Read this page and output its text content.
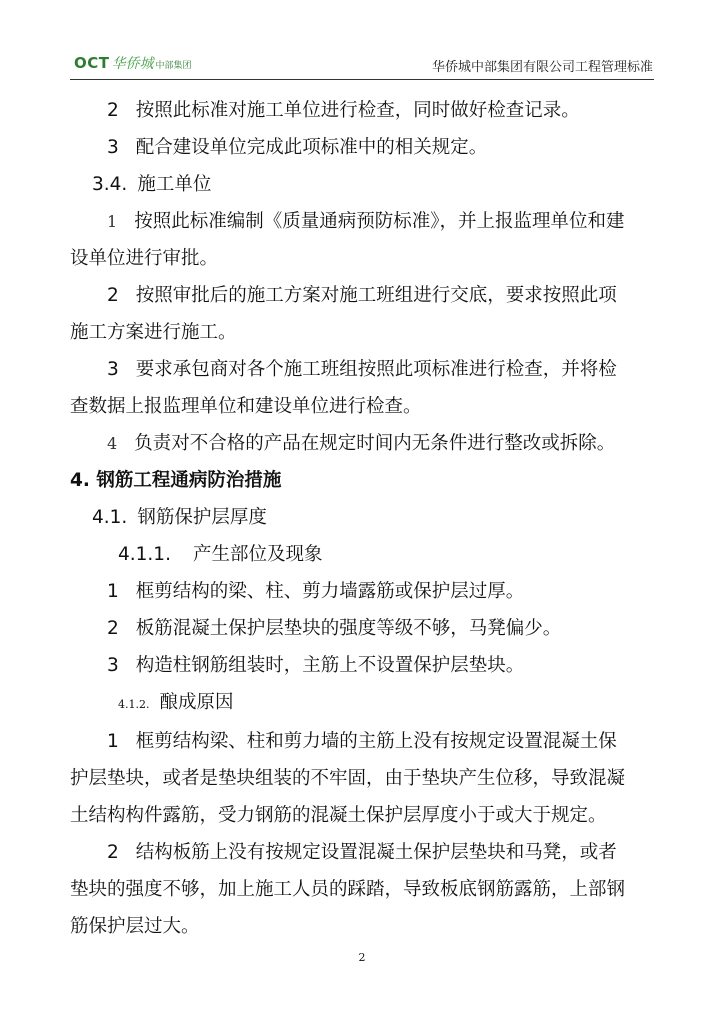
OCT 华侨城 中部集团	华侨城中部集团有限公司工程管理标准
2 按照此标准对施工单位进行检查，同时做好检查记录。
3 配合建设单位完成此项标准中的相关规定。
3.4. 施工单位
1 按照此标准编制《质量通病预防标准》，并上报监理单位和建
设单位进行审批。
2 按照审批后的施工方案对施工班组进行交底，要求按照此项
施工方案进行施工。
3 要求承包商对各个施工班组按照此项标准进行检查，并将检
查数据上报监理单位和建设单位进行检查。
4 负责对不合格的产品在规定时间内无条件进行整改或拆除。
4. 钢筋工程通病防治措施
4.1. 钢筋保护层厚度
4.1.1. 产生部位及现象
1 框剪结构的梁、柱、剪力墙露筋或保护层过厚。
2 板筋混凝土保护层垫块的强度等级不够，马凳偏少。
3 构造柱钢筋组装时，主筋上不设置保护层垫块。
4.1.2. 酿成原因
1 框剪结构梁、柱和剪力墙的主筋上没有按规定设置混凝土保
护层垫块，或者是垫块组装的不牢固，由于垫块产生位移，导致混凝
土结构构件露筋，受力钢筋的混凝土保护层厚度小于或大于规定。
2 结构板筋上没有按规定设置混凝土保护层垫块和马凳，或者
垫块的强度不够，加上施工人员的踩踏，导致板底钢筋露筋，上部钢
筋保护层过大。
2
